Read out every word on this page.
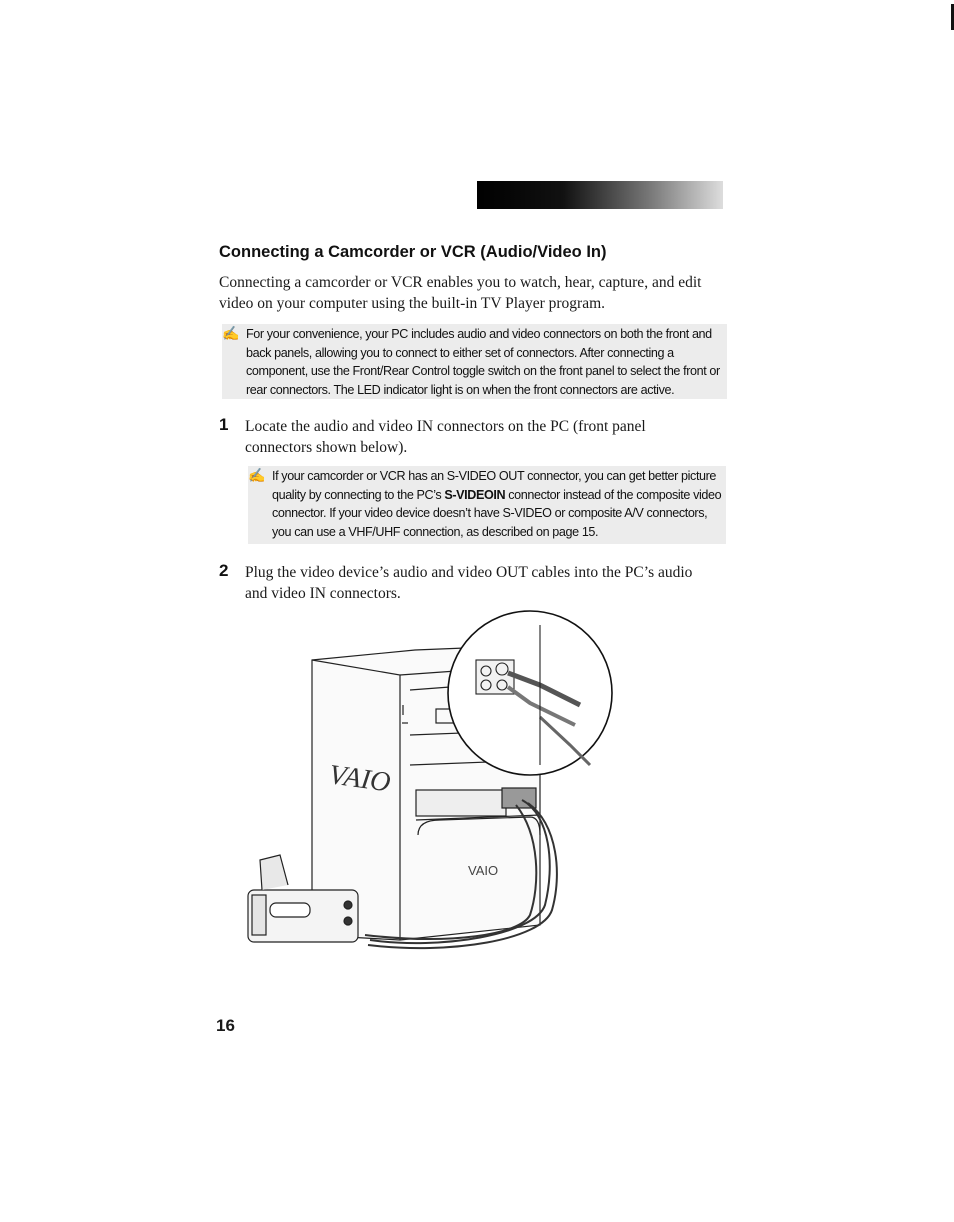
Connecting a Camcorder or VCR (Audio/Video In)

Connecting a camcorder or VCR enables you to watch, hear, capture, and edit video on your computer using the built-in TV Player program.

✍ For your convenience, your PC includes audio and video connectors on both the front and back panels, allowing you to connect to either set of connectors. After connecting a component, use the Front/Rear Control toggle switch on the front panel to select the front or rear connectors. The LED indicator light is on when the front connectors are active.
1 Locate the audio and video IN connectors on the PC (front panel connectors shown below).

✍ If your camcorder or VCR has an S-VIDEO OUT connector, you can get better picture quality by connecting to the PC’s S-VIDEOIN connector instead of the composite video connector. If your video device doesn’t have S-VIDEO or composite A/V connectors, you can use a VHF/UHF connection, as described on page 15.
2 Plug the video device’s audio and video OUT cables into the PC’s audio and video IN connectors.

VAIO
VAIO
16
